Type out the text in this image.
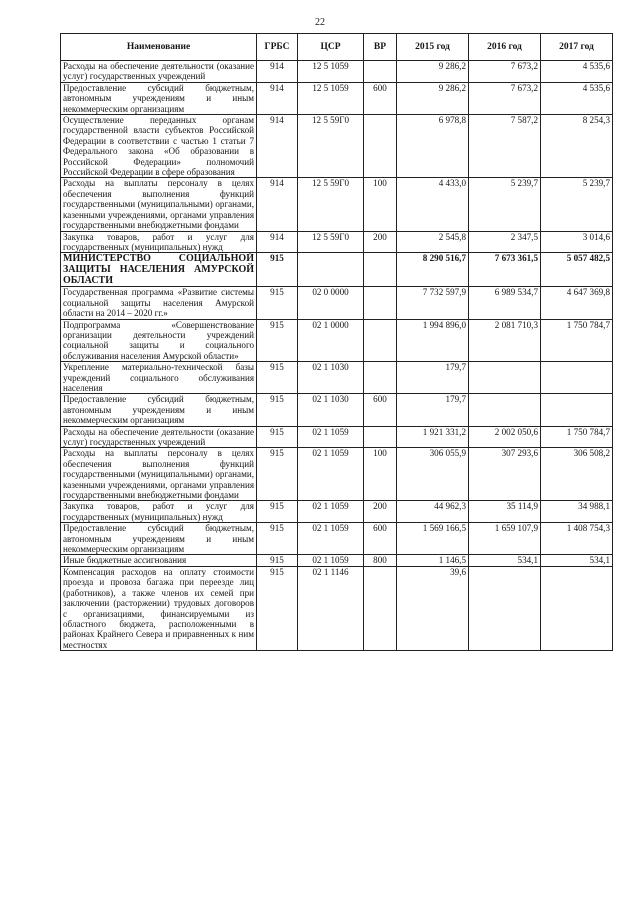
22
Наименование	ГРБС	ЦСР	ВР	2015 год	2016 год	2017 год
Расходы на обеспечение деятельности (оказание услуг) государственных учреждений	914	12 5 1059		9 286,2	7 673,2	4 535,6
Предоставление субсидий бюджетным, автономным учреждениям и иным некоммерческим организациям	914	12 5 1059	600	9 286,2	7 673,2	4 535,6
Осуществление переданных органам государственной власти субъектов Российской Федерации в соответствии с частью 1 статьи 7 Федерального закона «Об образовании в Российской Федерации» полномочий Российской Федерации в сфере образования	914	12 5 59Г0		6 978,8	7 587,2	8 254,3
Расходы на выплаты персоналу в целях обеспечения выполнения функций государственными (муниципальными) органами, казенными учреждениями, органами управления государственными внебюджетными фондами	914	12 5 59Г0	100	4 433,0	5 239,7	5 239,7
Закупка товаров, работ и услуг для государственных (муниципальных) нужд	914	12 5 59Г0	200	2 545,8	2 347,5	3 014,6
МИНИСТЕРСТВО СОЦИАЛЬНОЙ ЗАЩИТЫ НАСЕЛЕНИЯ АМУРСКОЙ ОБЛАСТИ	915			8 290 516,7	7 673 361,5	5 057 482,5
Государственная программа «Развитие системы социальной защиты населения Амурской области на 2014 – 2020 гг.»	915	02 0 0000		7 732 597,9	6 989 534,7	4 647 369,8
Подпрограмма «Совершенствование организации деятельности учреждений социальной защиты и социального обслуживания населения Амурской области»	915	02 1 0000		1 994 896,0	2 081 710,3	1 750 784,7
Укрепление материально-технической базы учреждений социального обслуживания населения	915	02 1 1030		179,7		
Предоставление субсидий бюджетным, автономным учреждениям и иным некоммерческим организациям	915	02 1 1030	600	179,7		
Расходы на обеспечение деятельности (оказание услуг) государственных учреждений	915	02 1 1059		1 921 331,2	2 002 050,6	1 750 784,7
Расходы на выплаты персоналу в целях обеспечения выполнения функций государственными (муниципальными) органами, казенными учреждениями, органами управления государственными внебюджетными фондами	915	02 1 1059	100	306 055,9	307 293,6	306 508,2
Закупка товаров, работ и услуг для государственных (муниципальных) нужд	915	02 1 1059	200	44 962,3	35 114,9	34 988,1
Предоставление субсидий бюджетным, автономным учреждениям и иным некоммерческим организациям	915	02 1 1059	600	1 569 166,5	1 659 107,9	1 408 754,3
Иные бюджетные ассигнования	915	02 1 1059	800	1 146,5	534,1	534,1
Компенсация расходов на оплату стоимости проезда и провоза багажа при переезде лиц (работников), а также членов их семей при заключении (расторжении) трудовых договоров с организациями, финансируемыми из областного бюджета, расположенными в районах Крайнего Севера и приравненных к ним местностях	915	02 1 1146		39,6		
